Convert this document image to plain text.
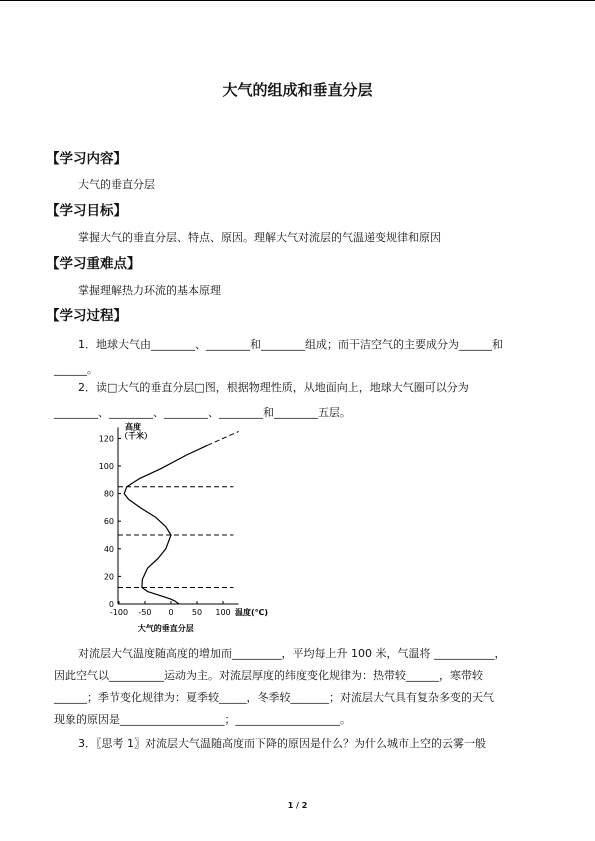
大气的组成和垂直分层
【学习内容】
大气的垂直分层
【学习目标】
掌握大气的垂直分层、特点、原因。理解大气对流层的气温递变规律和原因
【学习重难点】
掌握理解热力环流的基本原理
【学习过程】
1．地球大气由________、________和________组成；而干洁空气的主要成分为______和
______。
2．读□大气的垂直分层□图，根据物理性质，从地面向上，地球大气圈可以分为
________、________、________、________和________五层。
0
20
40
60
80
100
120
-100 -50 0 50 100
高度
（千米）
温度(℃)
大气的垂直分层
对流层大气温度随高度的增加而_________，平均每上升 100 米，气温将 ___________，
因此空气以__________运动为主。对流层厚度的纬度变化规律为：热带较______，寒带较
______；季节变化规律为：夏季较_____，冬季较_______；对流层大气具有复杂多变的天气
现象的原因是___________________；___________________。
3．〖思考 1〗对流层大气温随高度而下降的原因是什么？为什么城市上空的云雾一般
1 / 2
